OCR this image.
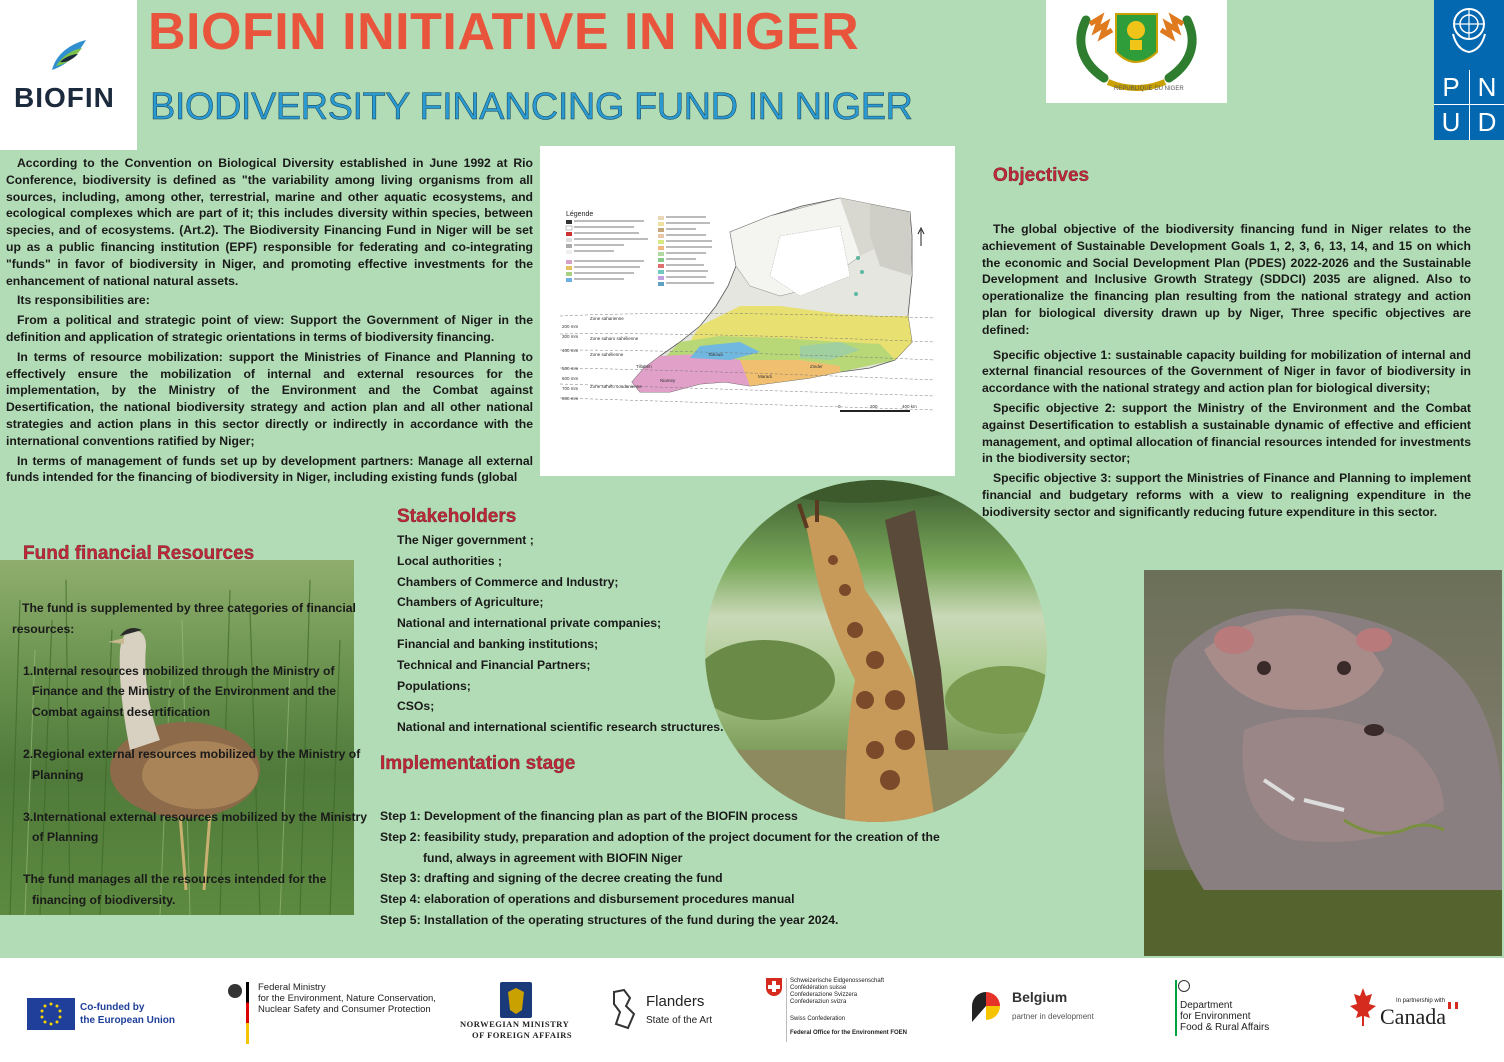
BIOFIN
BIOFIN INITIATIVE IN NIGER
BIODIVERSITY FINANCING FUND IN NIGER	REPUBLIQUE DU NIGER	P N
U D

According to the Convention on Biological Diversity established in June 1992 at Rio Conference, biodiversity is defined as "the variability among living organisms from all sources, including, among other, terrestrial, marine and other aquatic ecosystems, and ecological complexes which are part of it; this includes diversity within species, between species, and of ecosystems. (Art.2). The Biodiversity Financing Fund in Niger will be set up as a public financing institution (EPF) responsible for federating and co-integrating "funds" in favor of biodiversity in Niger, and promoting effective investments for the enhancement of national natural assets.

Its responsibilities are:

From a political and strategic point of view: Support the Government of Niger in the definition and application of strategic orientations in terms of biodiversity financing.

In terms of resource mobilization: support the Ministries of Finance and Planning to effectively ensure the mobilization of internal and external resources for the implementation, by the Ministry of the Environment and the Combat against Desertification, the national biodiversity strategy and action plan and all other national strategies and action plans in this sector directly or indirectly in accordance with the international conventions ratified by Niger;

In terms of management of funds set up by development partners: Manage all external funds intended for the financing of biodiversity in Niger, including existing funds (global

Légende
200 mm
300 mm
400 mm
500 mm
600 mm
700 mm
800 mm
Zone saharienne
Zone saharo sahélienne
Zone sahélienne
Zone sahélo soudanienne
Tillabéri
Niamey
Maradi
Zinder
Tahoua
0	200	400 km
Objectives

The global objective of the biodiversity financing fund in Niger relates to the achievement of Sustainable Development Goals 1, 2, 3, 6, 13, 14, and 15 on which the economic and Social Development Plan (PDES) 2022-2026 and the Sustainable Development and Inclusive Growth Strategy (SDDCI) 2035 are aligned. Also to operationalize the financing plan resulting from the national strategy and action plan for biological diversity drawn up by Niger, Three specific objectives are defined:

Specific objective 1: sustainable capacity building for mobilization of internal and external financial resources of the Government of Niger in favor of biodiversity in accordance with the national strategy and action plan for biological diversity;

Specific objective 2: support the Ministry of the Environment and the Combat against Desertification to establish a sustainable dynamic of effective and efficient management, and optimal allocation of financial resources intended for investments in the biodiversity sector;

Specific objective 3: support the Ministries of Finance and Planning to implement financial and budgetary reforms with a view to realigning expenditure in the biodiversity sector and significantly reducing future expenditure in this sector.

Fund financial Resources
The fund is supplemented by three categories of financial resources:
1.Internal resources mobilized through the Ministry of Finance and the Ministry of the Environment and the Combat against desertification
2.Regional external resources mobilized by the Ministry of Planning
3.International external resources mobilized by the Ministry of Planning
The fund manages all the resources intended for the financing of biodiversity.
Stakeholders
The Niger government ;
Local authorities ;
Chambers of Commerce and Industry;
Chambers of Agriculture;
National and international private companies;
Financial and banking institutions;
Technical and Financial Partners;
Populations;
CSOs;
National and international scientific research structures.
Implementation stage
Step 1: Development of the financing plan as part of the BIOFIN process
Step 2: feasibility study, preparation and adoption of the project document for the creation of the
fund, always in agreement with BIOFIN Niger
Step 3: drafting and signing of the decree creating the fund
Step 4: elaboration of operations and disbursement procedures manual
Step 5: Installation of the operating structures of the fund during the year 2024.
Co-funded by
the European Union
Federal Ministry
for the Environment, Nature Conservation,
Nuclear Safety and Consumer Protection
NORWEGIAN MINISTRY
OF FOREIGN AFFAIRS
Flanders
State of the Art
Schweizerische Eidgenossenschaft
Confédération suisse
Confederazione Svizzera
Confederaziun svizra
Swiss Confederation
Federal Office for the Environment FOEN
Belgium
partner in development
Department
for Environment
Food & Rural Affairs
In partnership with
Canada
